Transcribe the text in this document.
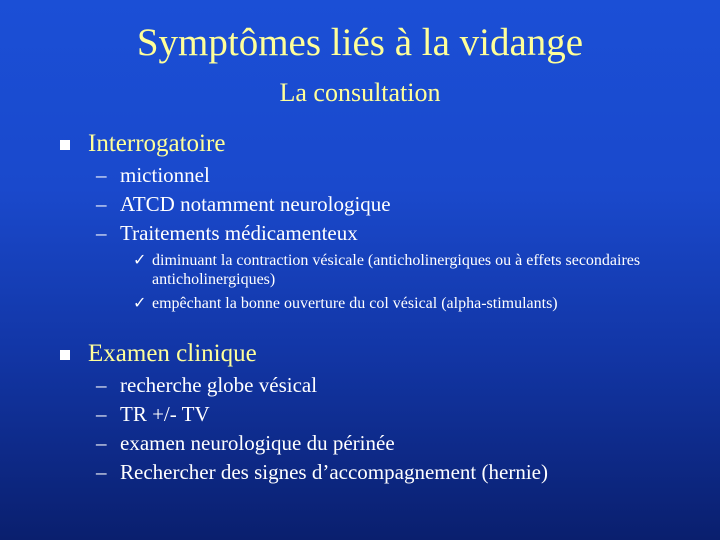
Symptômes liés à la vidange
La consultation
Interrogatoire
– mictionnel
– ATCD notamment neurologique
– Traitements médicamenteux
✓ diminuant la contraction vésicale (anticholinergiques ou à effets secondaires anticholinergiques)
✓ empêchant la bonne ouverture du col vésical (alpha-stimulants)
Examen clinique
– recherche globe vésical
– TR +/- TV
– examen neurologique du périnée
– Rechercher des signes d’accompagnement (hernie)
